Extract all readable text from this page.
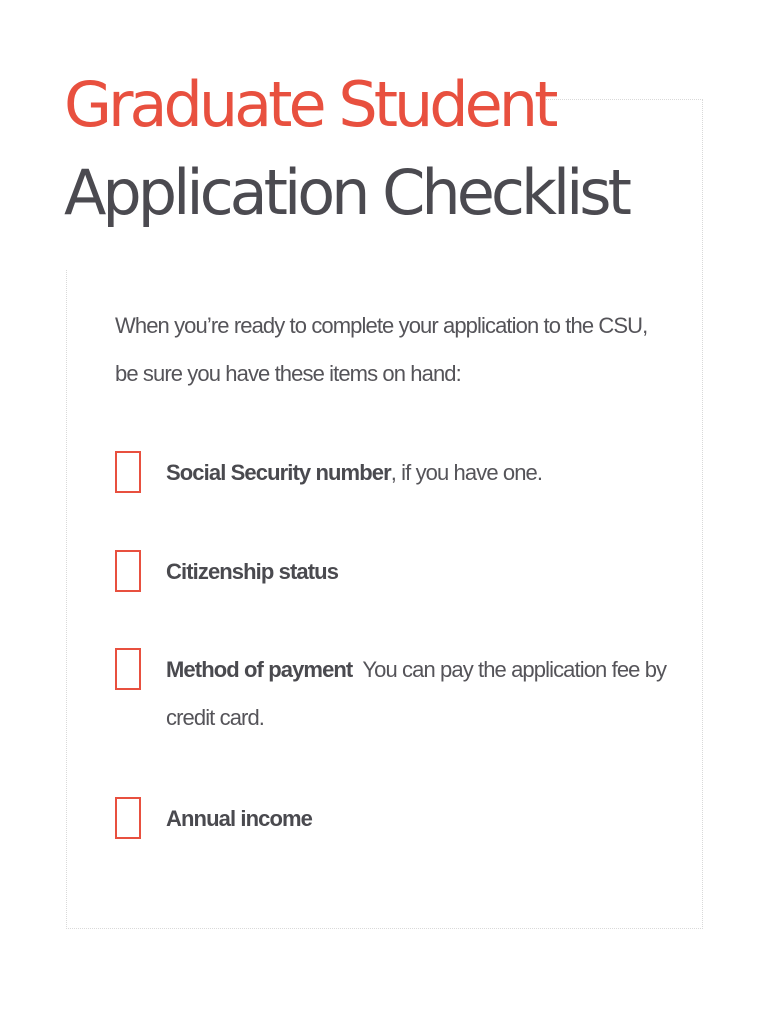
Graduate Student
Application Checklist

When you’re ready to complete your application to the CSU,
be sure you have these items on hand:

Social Security number, if you have one.
Citizenship status
Method of payment  You can pay the application fee by credit card.
Annual income
